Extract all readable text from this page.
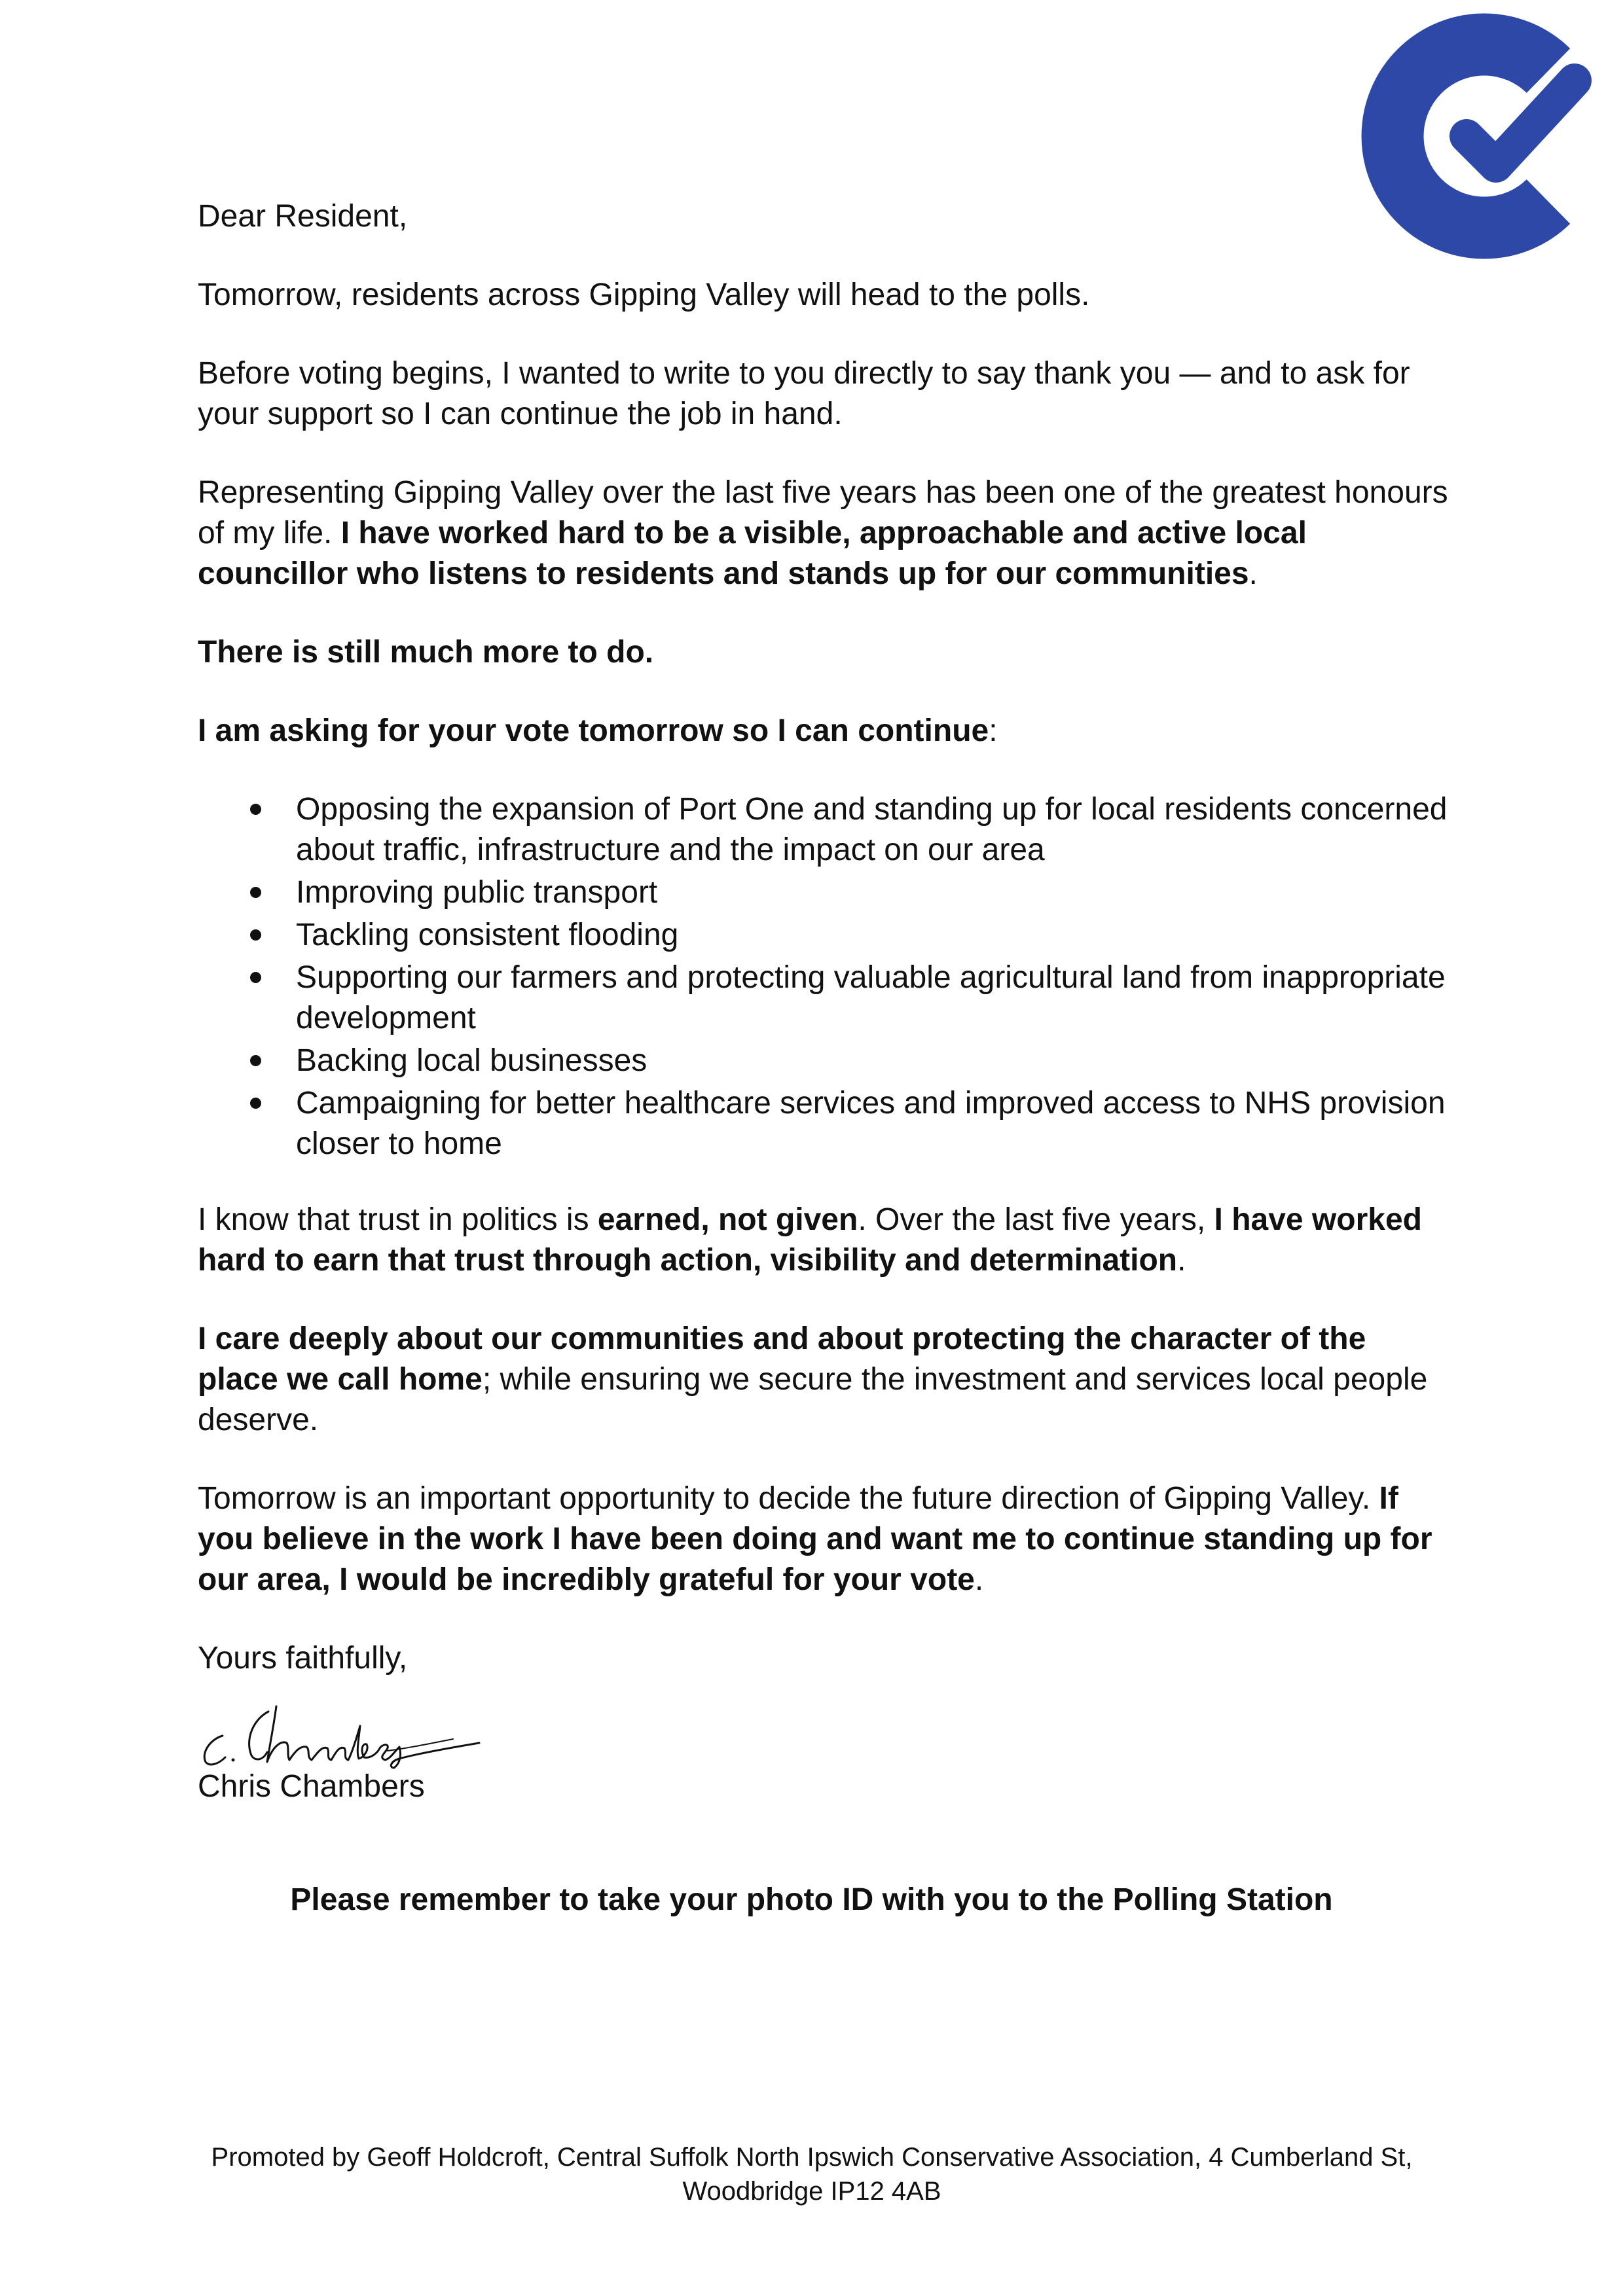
Dear Resident,

Tomorrow, residents across Gipping Valley will head to the polls.

Before voting begins, I wanted to write to you directly to say thank you — and to ask for your support so I can continue the job in hand.

Representing Gipping Valley over the last five years has been one of the greatest honours of my life. I have worked hard to be a visible, approachable and active local councillor who listens to residents and stands up for our communities.

There is still much more to do.

I am asking for your vote tomorrow so I can continue:

Opposing the expansion of Port One and standing up for local residents concerned about traffic, infrastructure and the impact on our area
Improving public transport
Tackling consistent flooding
Supporting our farmers and protecting valuable agricultural land from inappropriate development
Backing local businesses
Campaigning for better healthcare services and improved access to NHS provision closer to home

I know that trust in politics is earned, not given. Over the last five years, I have worked hard to earn that trust through action, visibility and determination.

I care deeply about our communities and about protecting the character of the place we call home; while ensuring we secure the investment and services local people deserve.

Tomorrow is an important opportunity to decide the future direction of Gipping Valley. If you believe in the work I have been doing and want me to continue standing up for our area, I would be incredibly grateful for your vote.

Yours faithfully,

Chris Chambers
Please remember to take your photo ID with you to the Polling Station
Promoted by Geoff Holdcroft, Central Suffolk North Ipswich Conservative Association, 4 Cumberland St, Woodbridge IP12 4AB
